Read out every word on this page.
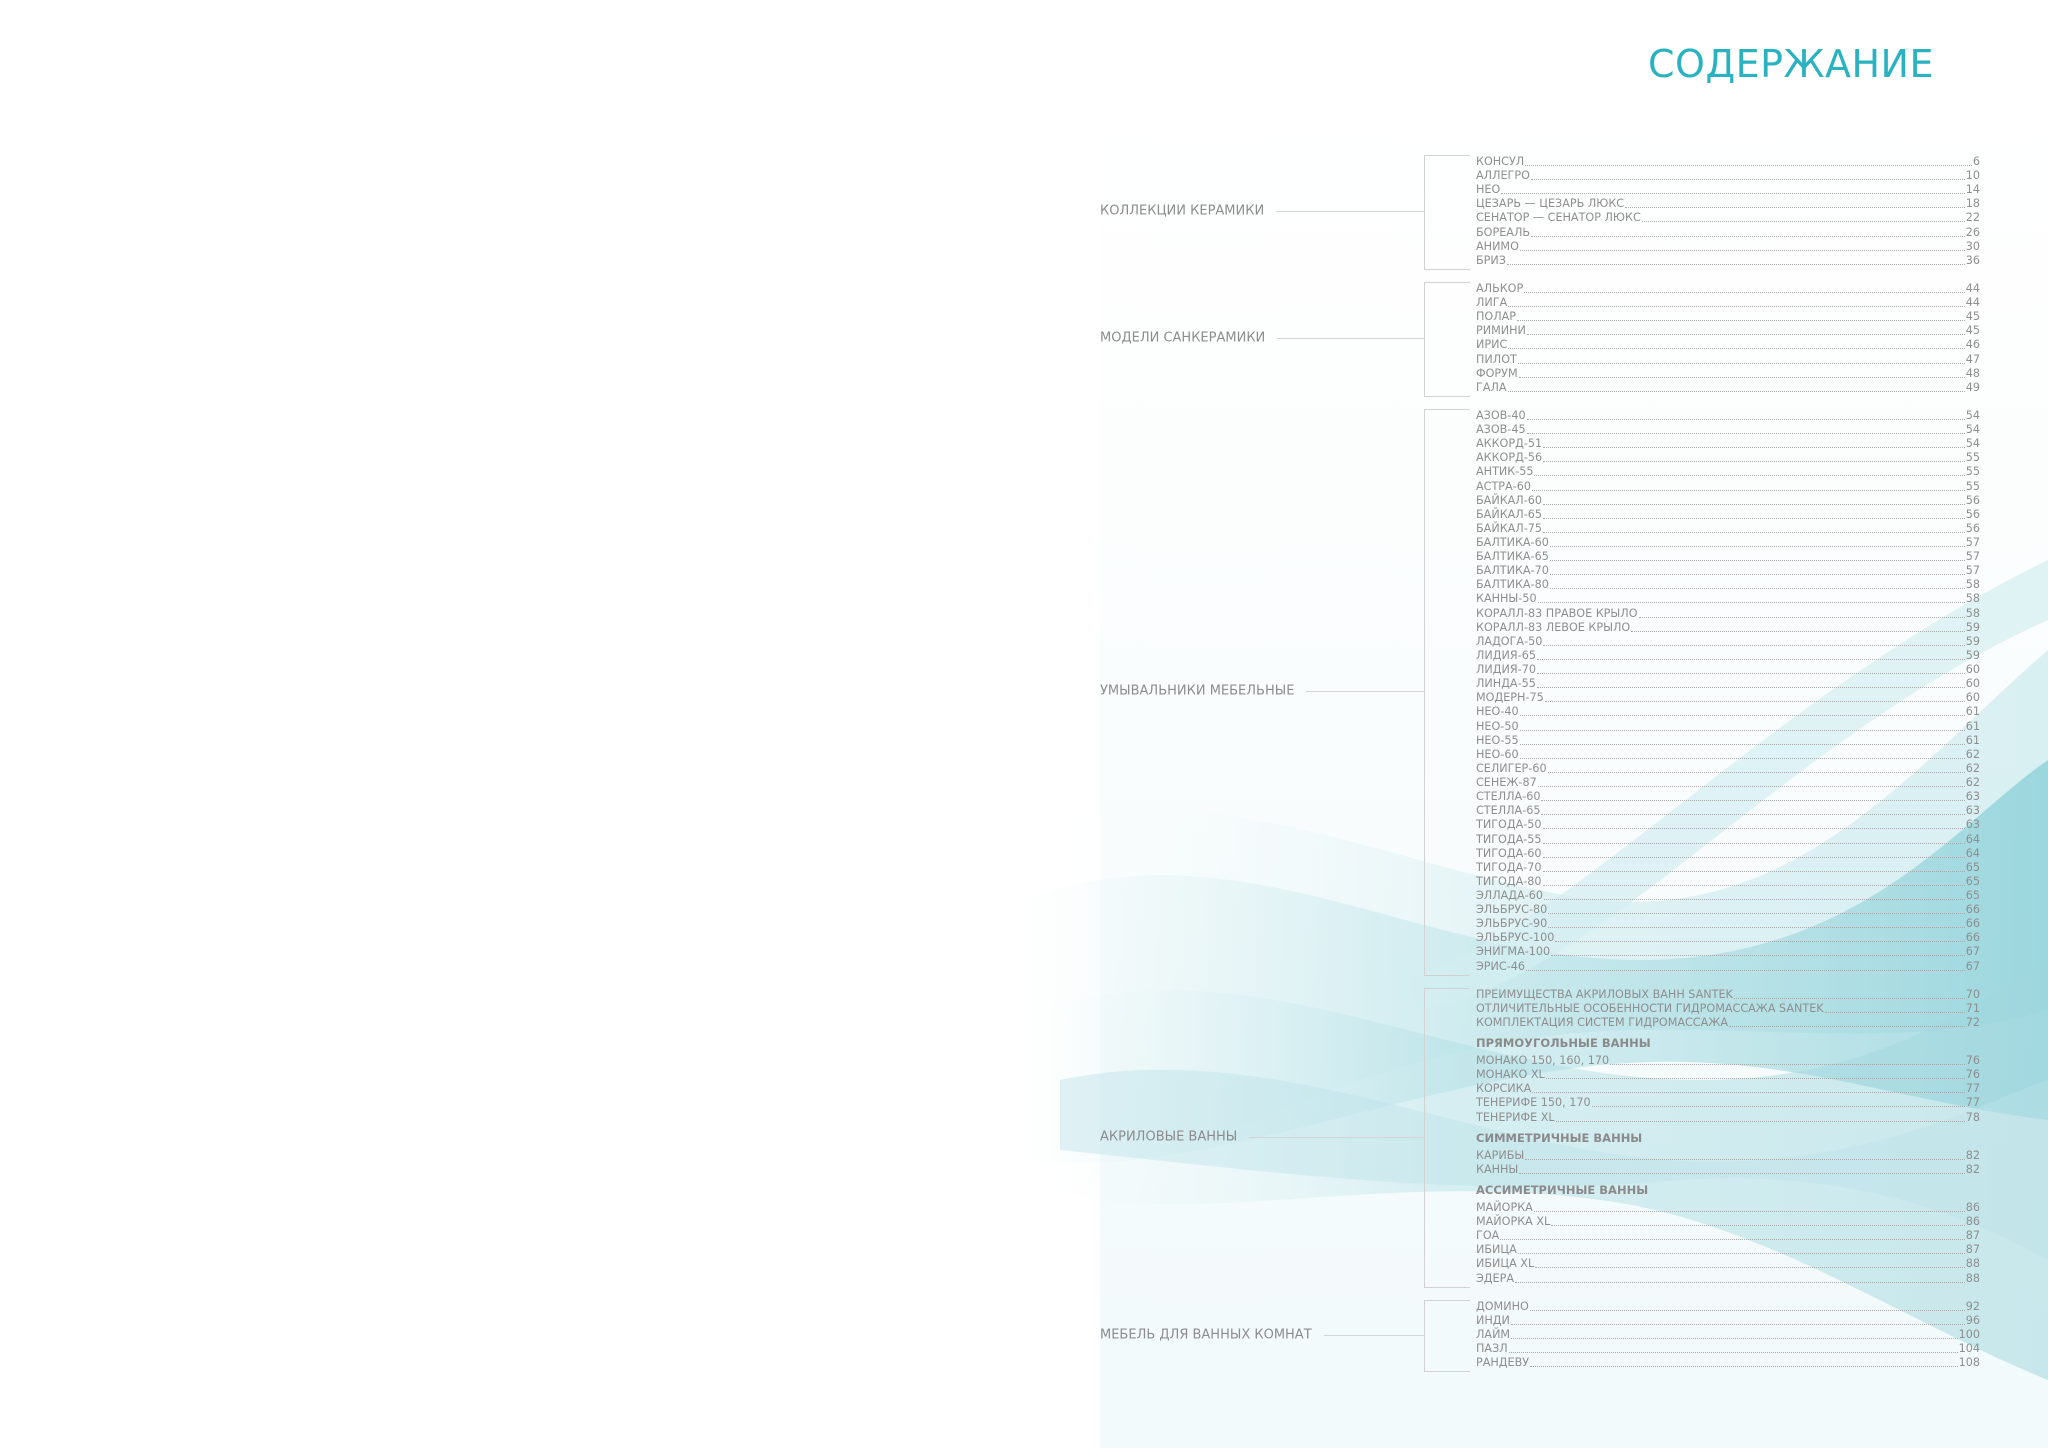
СОДЕРЖАНИЕ
КОНСУЛ	6
АЛЛЕГРО	10
НЕО	14
ЦЕЗАРЬ — ЦЕЗАРЬ ЛЮКС	18
СЕНАТОР — СЕНАТОР ЛЮКС	22
БОРЕАЛЬ	26
АНИМО	30
БРИЗ	36
КОЛЛЕКЦИИ КЕРАМИКИ
АЛЬКОР	44
ЛИГА	44
ПОЛАР	45
РИМИНИ	45
ИРИС	46
ПИЛОТ	47
ФОРУМ	48
ГАЛА	49
МОДЕЛИ САНКЕРАМИКИ
АЗОВ-40	54
АЗОВ-45	54
АККОРД-51	54
АККОРД-56	55
АНТИК-55	55
АСТРА-60	55
БАЙКАЛ-60	56
БАЙКАЛ-65	56
БАЙКАЛ-75	56
БАЛТИКА-60	57
БАЛТИКА-65	57
БАЛТИКА-70	57
БАЛТИКА-80	58
КАННЫ-50	58
КОРАЛЛ-83 ПРАВОЕ КРЫЛО	58
КОРАЛЛ-83 ЛЕВОЕ КРЫЛО	59
ЛАДОГА-50	59
ЛИДИЯ-65	59
ЛИДИЯ-70	60
ЛИНДА-55	60
МОДЕРН-75	60
НЕО-40	61
НЕО-50	61
НЕО-55	61
НЕО-60	62
СЕЛИГЕР-60	62
СЕНЕЖ-87	62
СТЕЛЛА-60	63
СТЕЛЛА-65	63
ТИГОДА-50	63
ТИГОДА-55	64
ТИГОДА-60	64
ТИГОДА-70	65
ТИГОДА-80	65
ЭЛЛАДА-60	65
ЭЛЬБРУС-80	66
ЭЛЬБРУС-90	66
ЭЛЬБРУС-100	66
ЭНИГМА-100	67
ЭРИС-46	67
УМЫВАЛЬНИКИ МЕБЕЛЬНЫЕ
ПРЕИМУЩЕСТВА АКРИЛОВЫХ ВАНН SANTEK	70
ОТЛИЧИТЕЛЬНЫЕ ОСОБЕННОСТИ ГИДРОМАССАЖА SANTEK	71
КОМПЛЕКТАЦИЯ СИСТЕМ ГИДРОМАССАЖА	72
ПРЯМОУГОЛЬНЫЕ ВАННЫ
МОНАКО 150, 160, 170	76
МОНАКО XL	76
КОРСИКА	77
ТЕНЕРИФЕ 150, 170	77
ТЕНЕРИФЕ XL	78
СИММЕТРИЧНЫЕ ВАННЫ
КАРИБЫ	82
КАННЫ	82
АССИМЕТРИЧНЫЕ ВАННЫ
МАЙОРКА	86
МАЙОРКА XL	86
ГОА	87
ИБИЦА	87
ИБИЦА XL	88
ЭДЕРА	88
АКРИЛОВЫЕ ВАННЫ
ДОМИНО	92
ИНДИ	96
ЛАЙМ	100
ПАЗЛ	104
РАНДЕВУ	108
МЕБЕЛЬ ДЛЯ ВАННЫХ КОМНАТ
